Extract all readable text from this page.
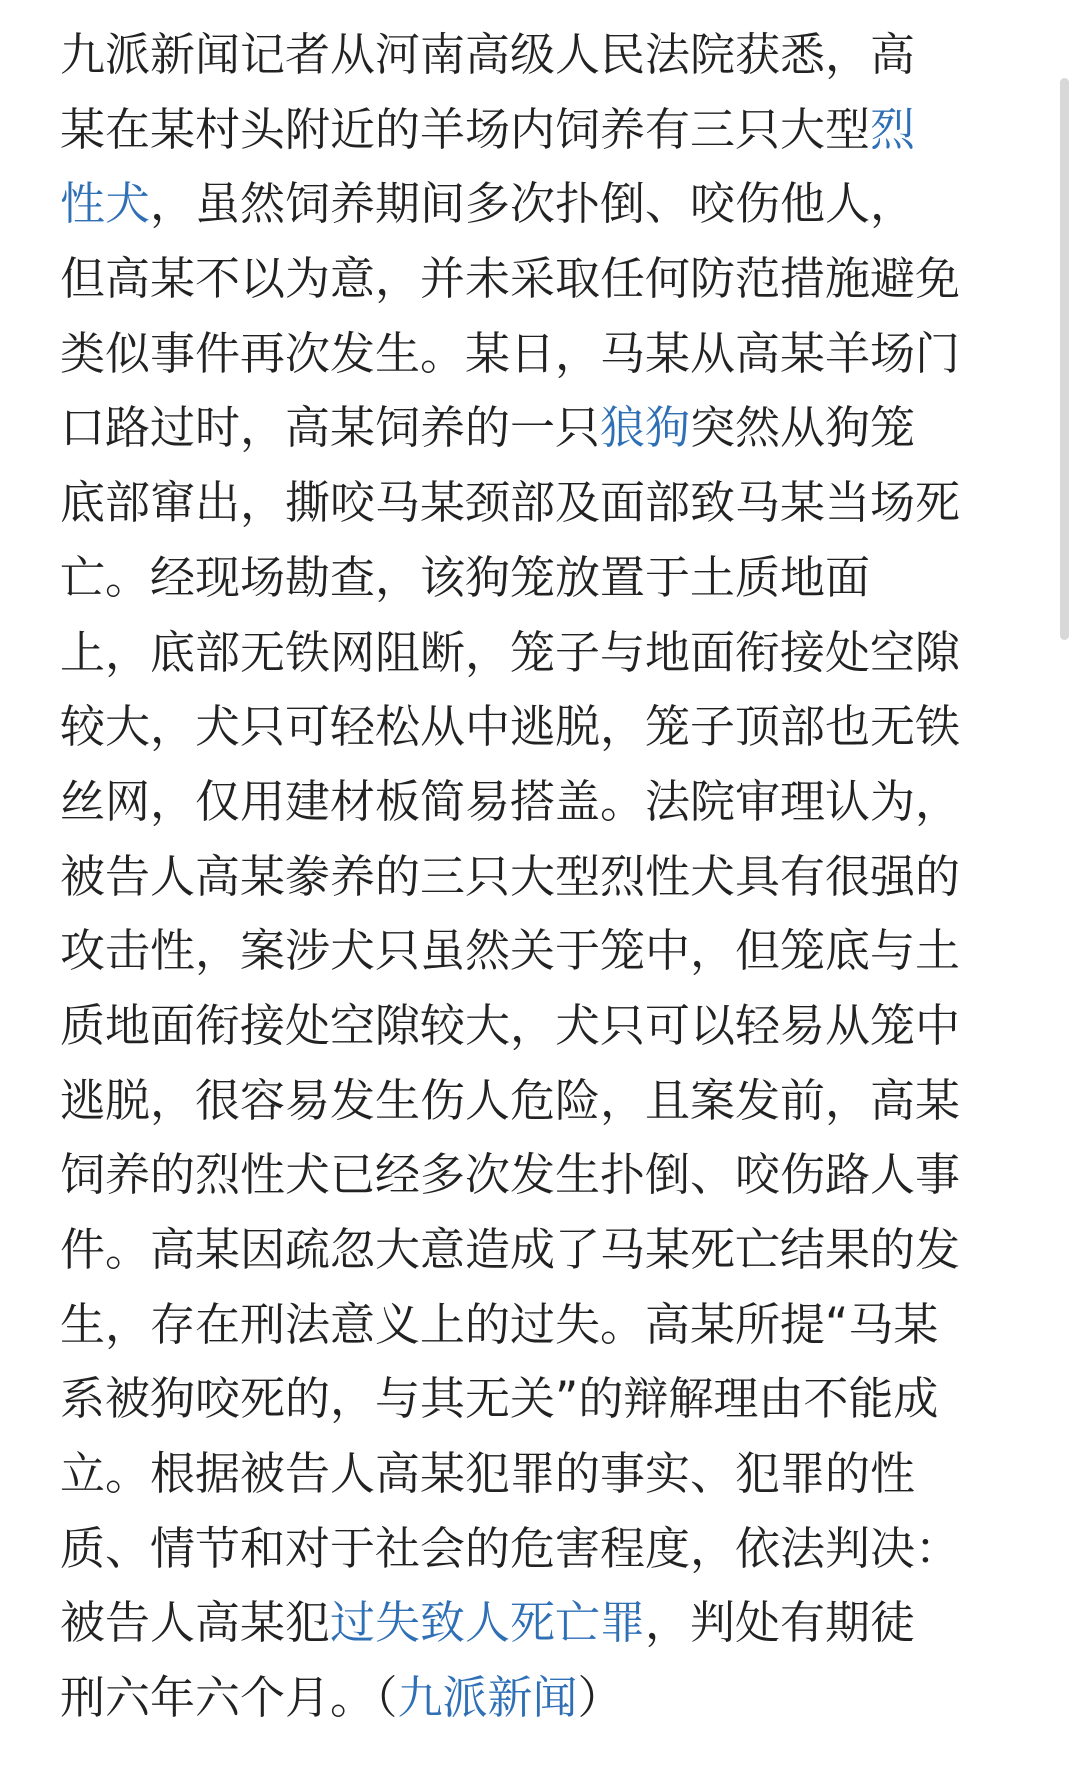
九派新闻记者从河南高级人民法院获悉，高
某在某村头附近的羊场内饲养有三只大型烈
性犬，虽然饲养期间多次扑倒、咬伤他人，
但高某不以为意，并未采取任何防范措施避免
类似事件再次发生。某日，马某从高某羊场门
口路过时，高某饲养的一只狼狗突然从狗笼
底部窜出，撕咬马某颈部及面部致马某当场死
亡。经现场勘查，该狗笼放置于土质地面
上，底部无铁网阻断，笼子与地面衔接处空隙
较大，犬只可轻松从中逃脱，笼子顶部也无铁
丝网，仅用建材板简易搭盖。法院审理认为，
被告人高某豢养的三只大型烈性犬具有很强的
攻击性，案涉犬只虽然关于笼中，但笼底与土
质地面衔接处空隙较大，犬只可以轻易从笼中
逃脱，很容易发生伤人危险，且案发前，高某
饲养的烈性犬已经多次发生扑倒、咬伤路人事
件。高某因疏忽大意造成了马某死亡结果的发
生，存在刑法意义上的过失。高某所提“马某
系被狗咬死的，与其无关”的辩解理由不能成
立。根据被告人高某犯罪的事实、犯罪的性
质、情节和对于社会的危害程度，依法判决：
被告人高某犯过失致人死亡罪，判处有期徒
刑六年六个月。（九派新闻）
